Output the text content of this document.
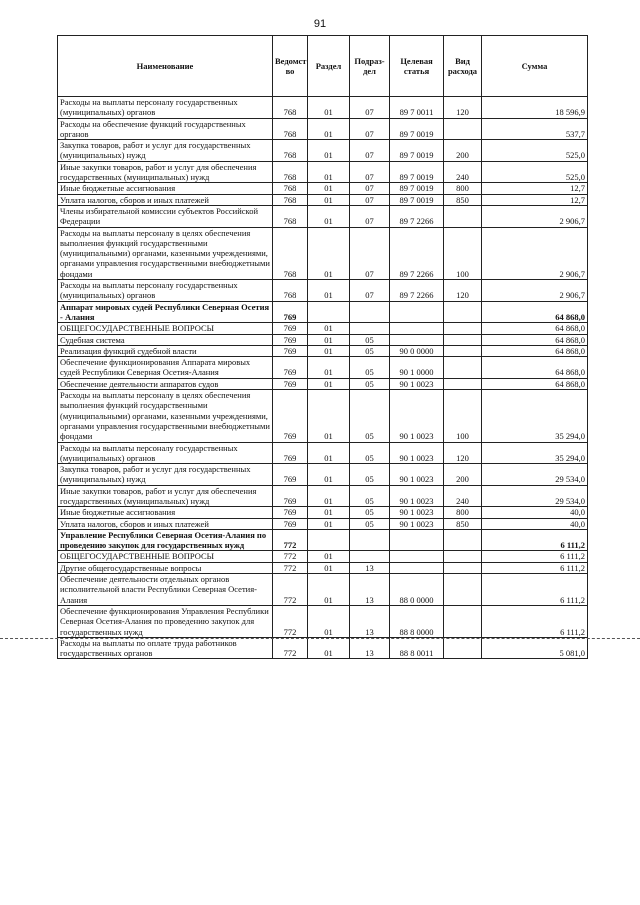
91
Наименование	Ведомст во	Раздел	Подраз- дел	Целевая статья	Вид расхода	Сумма
Расходы на выплаты персоналу государственных (муниципальных) органов	768	01	07	89 7 0011	120	18 596,9
Расходы на обеспечение функций государственных органов	768	01	07	89 7 0019		537,7
Закупка товаров, работ и услуг для государственных (муниципальных) нужд	768	01	07	89 7 0019	200	525,0
Иные закупки товаров, работ и услуг для обеспечения государственных (муниципальных) нужд	768	01	07	89 7 0019	240	525,0
Иные бюджетные ассигнования	768	01	07	89 7 0019	800	12,7
Уплата налогов, сборов и иных платежей	768	01	07	89 7 0019	850	12,7
Члены избирательной комиссии субъектов Российской Федерации	768	01	07	89 7 2266		2 906,7
Расходы на выплаты персоналу в целях обеспечения выполнения функций государственными (муниципальными) органами, казенными учреждениями, органами управления государственными внебюджетными фондами	768	01	07	89 7 2266	100	2 906,7
Расходы на выплаты персоналу государственных (муниципальных) органов	768	01	07	89 7 2266	120	2 906,7
Аппарат мировых судей Республики Северная Осетия - Алания	769					64 868,0
ОБЩЕГОСУДАРСТВЕННЫЕ ВОПРОСЫ	769	01				64 868,0
Судебная система	769	01	05			64 868,0
Реализация функций судебной власти	769	01	05	90 0 0000		64 868,0
Обеспечение функционирования Аппарата мировых судей Республики Северная Осетия-Алания	769	01	05	90 1 0000		64 868,0
Обеспечение деятельности аппаратов судов	769	01	05	90 1 0023		64 868,0
Расходы на выплаты персоналу в целях обеспечения выполнения функций государственными (муниципальными) органами, казенными учреждениями, органами управления государственными внебюджетными фондами	769	01	05	90 1 0023	100	35 294,0
Расходы на выплаты персоналу государственных (муниципальных) органов	769	01	05	90 1 0023	120	35 294,0
Закупка товаров, работ и услуг для государственных (муниципальных) нужд	769	01	05	90 1 0023	200	29 534,0
Иные закупки товаров, работ и услуг для обеспечения государственных (муниципальных) нужд	769	01	05	90 1 0023	240	29 534,0
Иные бюджетные ассигнования	769	01	05	90 1 0023	800	40,0
Уплата налогов, сборов и иных платежей	769	01	05	90 1 0023	850	40,0
Управление Республики Северная Осетия-Алания по проведению закупок для государственных нужд	772					6 111,2
ОБЩЕГОСУДАРСТВЕННЫЕ ВОПРОСЫ	772	01				6 111,2
Другие общегосударственные вопросы	772	01	13			6 111,2
Обеспечение деятельности отдельных органов исполнительной власти Республики Северная Осетия-Алания	772	01	13	88 0 0000		6 111,2
Обеспечение функционирования Управления Республики Северная Осетия-Алания по проведению закупок для государственных нужд	772	01	13	88 8 0000		6 111,2
Расходы на выплаты по оплате труда работников государственных органов	772	01	13	88 8 0011		5 081,0
